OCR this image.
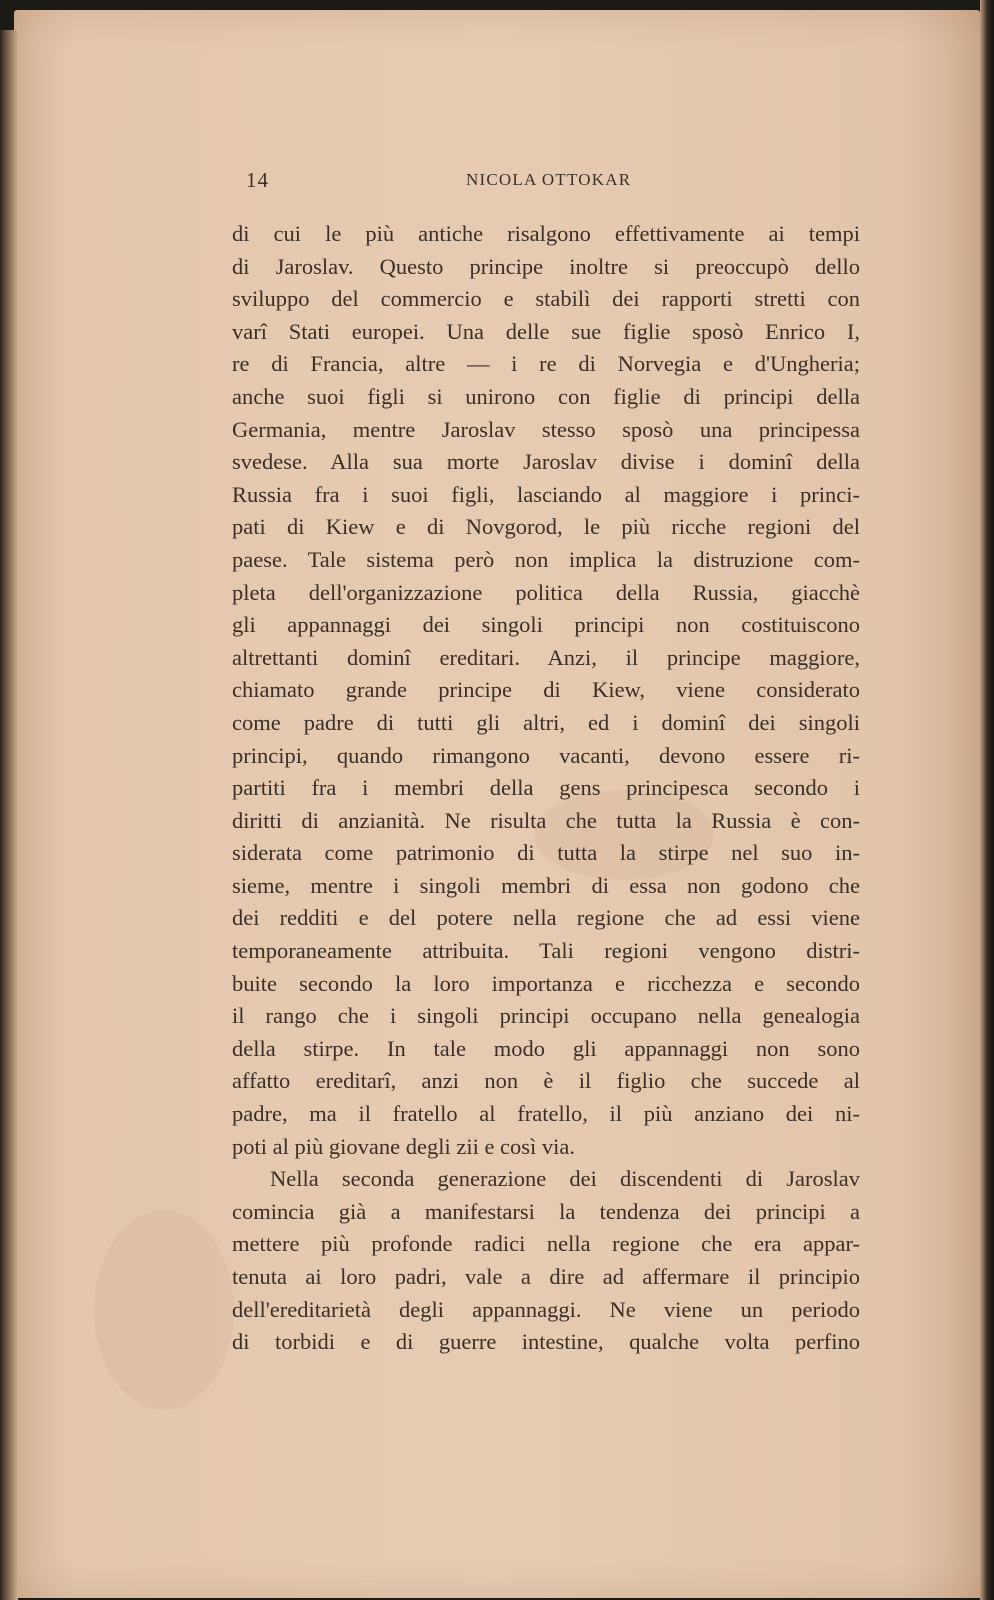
14	NICOLA OTTOKAR
di cui le più antiche risalgono effettivamente ai tempi
di Jaroslav. Questo principe inoltre si preoccupò dello
sviluppo del commercio e stabilì dei rapporti stretti con
varî Stati europei. Una delle sue figlie sposò Enrico I,
re di Francia, altre — i re di Norvegia e d'Ungheria;
anche suoi figli si unirono con figlie di principi della
Germania, mentre Jaroslav stesso sposò una principessa
svedese. Alla sua morte Jaroslav divise i dominî della
Russia fra i suoi figli, lasciando al maggiore i princi-
pati di Kiew e di Novgorod, le più ricche regioni del
paese. Tale sistema però non implica la distruzione com-
pleta dell'organizzazione politica della Russia, giacchè
gli appannaggi dei singoli principi non costituiscono
altrettanti dominî ereditari. Anzi, il principe maggiore,
chiamato grande principe di Kiew, viene considerato
come padre di tutti gli altri, ed i dominî dei singoli
principi, quando rimangono vacanti, devono essere ri-
partiti fra i membri della gens principesca secondo i
diritti di anzianità. Ne risulta che tutta la Russia è con-
siderata come patrimonio di tutta la stirpe nel suo in-
sieme, mentre i singoli membri di essa non godono che
dei redditi e del potere nella regione che ad essi viene
temporaneamente attribuita. Tali regioni vengono distri-
buite secondo la loro importanza e ricchezza e secondo
il rango che i singoli principi occupano nella genealogia
della stirpe. In tale modo gli appannaggi non sono
affatto ereditarî, anzi non è il figlio che succede al
padre, ma il fratello al fratello, il più anziano dei ni-
poti al più giovane degli zii e così via.
Nella seconda generazione dei discendenti di Jaroslav
comincia già a manifestarsi la tendenza dei principi a
mettere più profonde radici nella regione che era appar-
tenuta ai loro padri, vale a dire ad affermare il principio
dell'ereditarietà degli appannaggi. Ne viene un periodo
di torbidi e di guerre intestine, qualche volta perfino
